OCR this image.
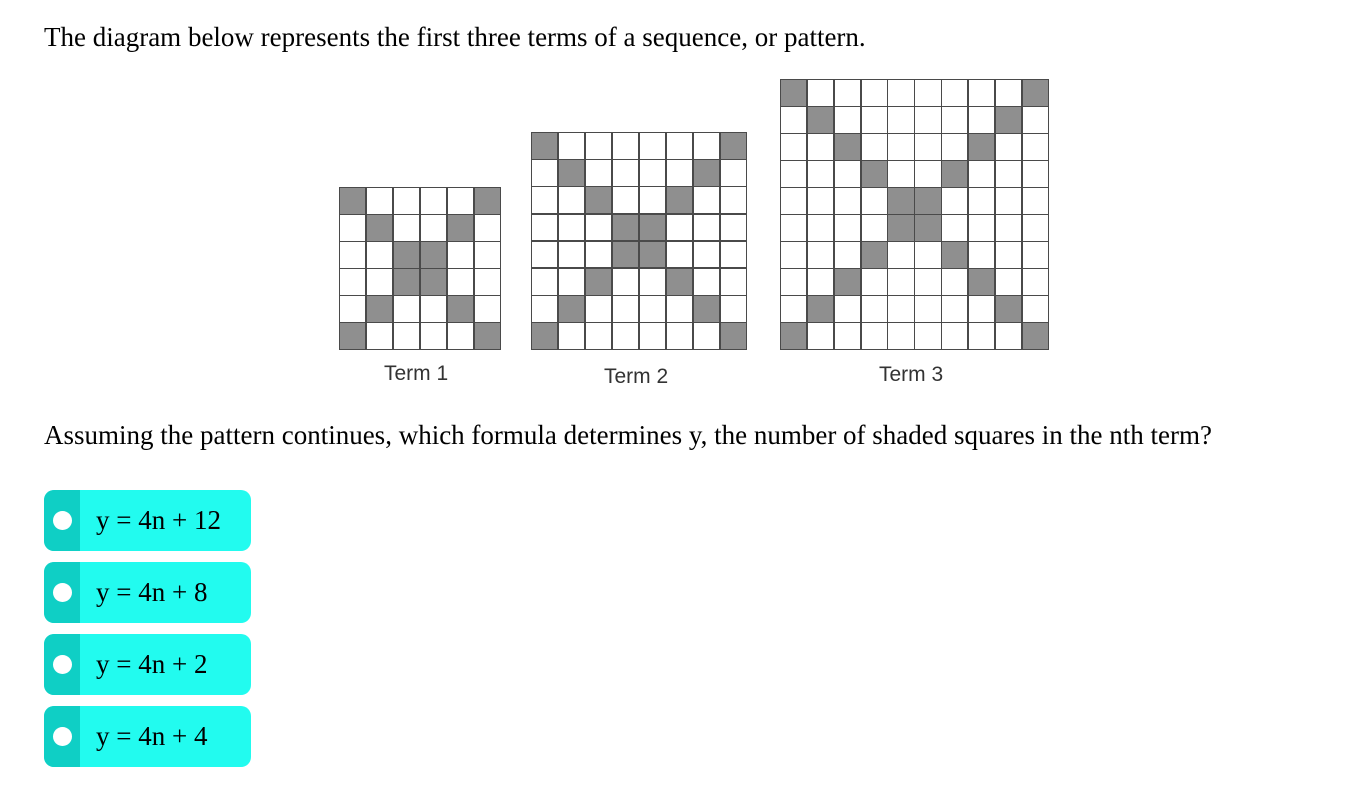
The diagram below represents the first three terms of a sequence, or pattern.
Term 1	Term 2	Term 3
Assuming the pattern continues, which formula determines y, the number of shaded squares in the nth term?
y = 4n + 12
y = 4n + 8
y = 4n + 2
y = 4n + 4
